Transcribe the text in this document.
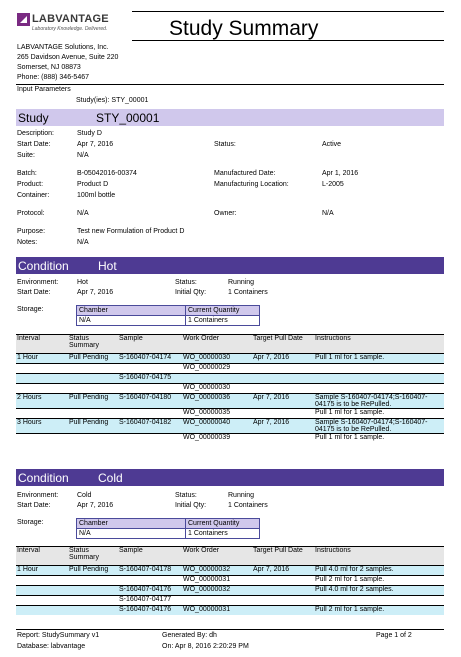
LABVANTAGE
Laboratory Knowledge. Delivered.	Study Summary
LABVANTAGE Solutions, Inc.
265 Davidson Avenue, Suite 220
Somerset, NJ 08873
Phone: (888) 346-5467
Input Parameters
Study(ies): STY_00001
Study	STY_00001
Description:	Study D
Start Date:	Apr 7, 2016	Status:	Active
Suite:	N/A
Batch:	B-05042016-00374	Manufactured Date:	Apr 1, 2016
Product:	Product D	Manufacturing Location:	L-2005
Container:	100ml bottle
Protocol:	N/A	Owner:	N/A
Purpose:	Test new Formulation of Product D
Notes:	N/A
Condition Hot
Environment:	Hot	Status:	Running
Start Date:	Apr 7, 2016	Initial Qty:	1 Containers
Storage:	Chamber	Current Quantity
N/A	1 Containers
Interval	Status Summary	Sample	Work Order	Target Pull Date	Instructions
1 Hour	Pull Pending	S-160407-04174	WO_00000030	Apr 7, 2016	Pull 1 ml for 1 sample.
			WO_00000029		
		S-160407-04175			
			WO_00000030		
2 Hours	Pull Pending	S-160407-04180	WO_00000036	Apr 7, 2016	Sample S-160407-04174;S-160407-04175 is to be RePulled.
			WO_00000035		Pull 1 ml for 1 sample.
3 Hours	Pull Pending	S-160407-04182	WO_00000040	Apr 7, 2016	Sample S-160407-04174;S-160407-04175 is to be RePulled.
			WO_00000039		Pull 1 ml for 1 sample.
Condition Cold
Environment:	Cold	Status:	Running
Start Date:	Apr 7, 2016	Initial Qty:	1 Containers
Storage:	Chamber	Current Quantity
N/A	1 Containers
Interval	Status Summary	Sample	Work Order	Target Pull Date	Instructions
1 Hour	Pull Pending	S-160407-04178	WO_00000032	Apr 7, 2016	Pull 4.0 ml for 2 samples.
			WO_00000031		Pull 2 ml for 1 sample.
		S-160407-04176	WO_00000032		Pull 4.0 ml for 2 samples.
		S-160407-04177			
		S-160407-04176	WO_00000031		Pull 2 ml for 1 sample.
Report: StudySummary v1
Database: labvantage
Generated By: dh
On: Apr 8, 2016 2:20:29 PM
Page 1 of 2
